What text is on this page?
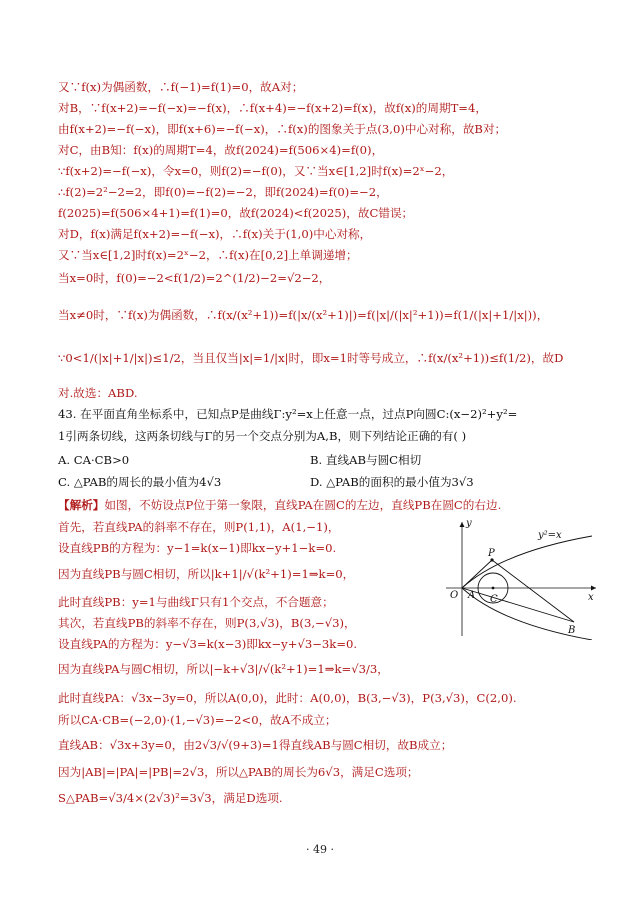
又∵f(x)为偶函数，∴f(−1)=f(1)=0，故A对；
对B，∵f(x+2)=−f(−x)=−f(x)，∴f(x+4)=−f(x+2)=f(x)，故f(x)的周期T=4，
由f(x+2)=−f(−x)，即f(x+6)=−f(−x)，∴f(x)的图象关于点(3,0)中心对称，故B对；
对C，由B知：f(x)的周期T=4，故f(2024)=f(506×4)=f(0)，
∵f(x+2)=−f(−x)，令x=0，则f(2)=−f(0)，又∵当x∈[1,2]时f(x)=2ˣ−2，
∴f(2)=2²−2=2，即f(0)=−f(2)=−2，即f(2024)=f(0)=−2，
f(2025)=f(506×4+1)=f(1)=0，故f(2024)<f(2025)，故C错误；
对D，f(x)满足f(x+2)=−f(−x)，∴f(x)关于(1,0)中心对称，
又∵当x∈[1,2]时f(x)=2ˣ−2，∴f(x)在[0,2]上单调递增；
当x=0时，f(0)=−2<f(1/2)=2^(1/2)−2=√2−2，
当x≠0时，∵f(x)为偶函数，∴f(x/(x²+1))=f(|x/(x²+1)|)=f(|x|/(|x|²+1))=f(1/(|x|+1/|x|))，
∵0<1/(|x|+1/|x|)≤1/2，当且仅当|x|=1/|x|时，即x=1时等号成立，∴f(x/(x²+1))≤f(1/2)，故D
对.故选：ABD.
43. 在平面直角坐标系中，已知点P是曲线Γ:y²=x上任意一点，过点P向圆C:(x−2)²+y²=
1引两条切线，这两条切线与Γ的另一个交点分别为A,B，则下列结论正确的有( )
A. CA·CB>0	B. 直线AB与圆C相切
C. △PAB的周长的最小值为4√3	D. △PAB的面积的最小值为3√3
【解析】如图，不妨设点P位于第一象限，直线PA在圆C的左边，直线PB在圆C的右边.
首先，若直线PA的斜率不存在，则P(1,1)，A(1,−1)，
设直线PB的方程为：y−1=k(x−1)即kx−y+1−k=0.
因为直线PB与圆C相切，所以|k+1|/√(k²+1)=1⇒k=0，
此时直线PB：y=1与曲线Γ只有1个交点，不合题意；
其次，若直线PB的斜率不存在，则P(3,√3)，B(3,−√3)，
设直线PA的方程为：y−√3=k(x−3)即kx−y+√3−3k=0.
因为直线PA与圆C相切，所以|−k+√3|/√(k²+1)=1⇒k=√3/3，
此时直线PA：√3x−3y=0，所以A(0,0)，此时：A(0,0)，B(3,−√3)，P(3,√3)，C(2,0).
所以CA·CB=(−2,0)·(1,−√3)=−2<0，故A不成立；
直线AB：√3x+3y=0，由2√3/√(9+3)=1得直线AB与圆C相切，故B成立；
因为|AB|=|PA|=|PB|=2√3，所以△PAB的周长为6√3，满足C选项；
S△PAB=√3/4×(2√3)²=3√3，满足D选项.
y
x
O
y²=x
P
A C
B
· 49 ·
